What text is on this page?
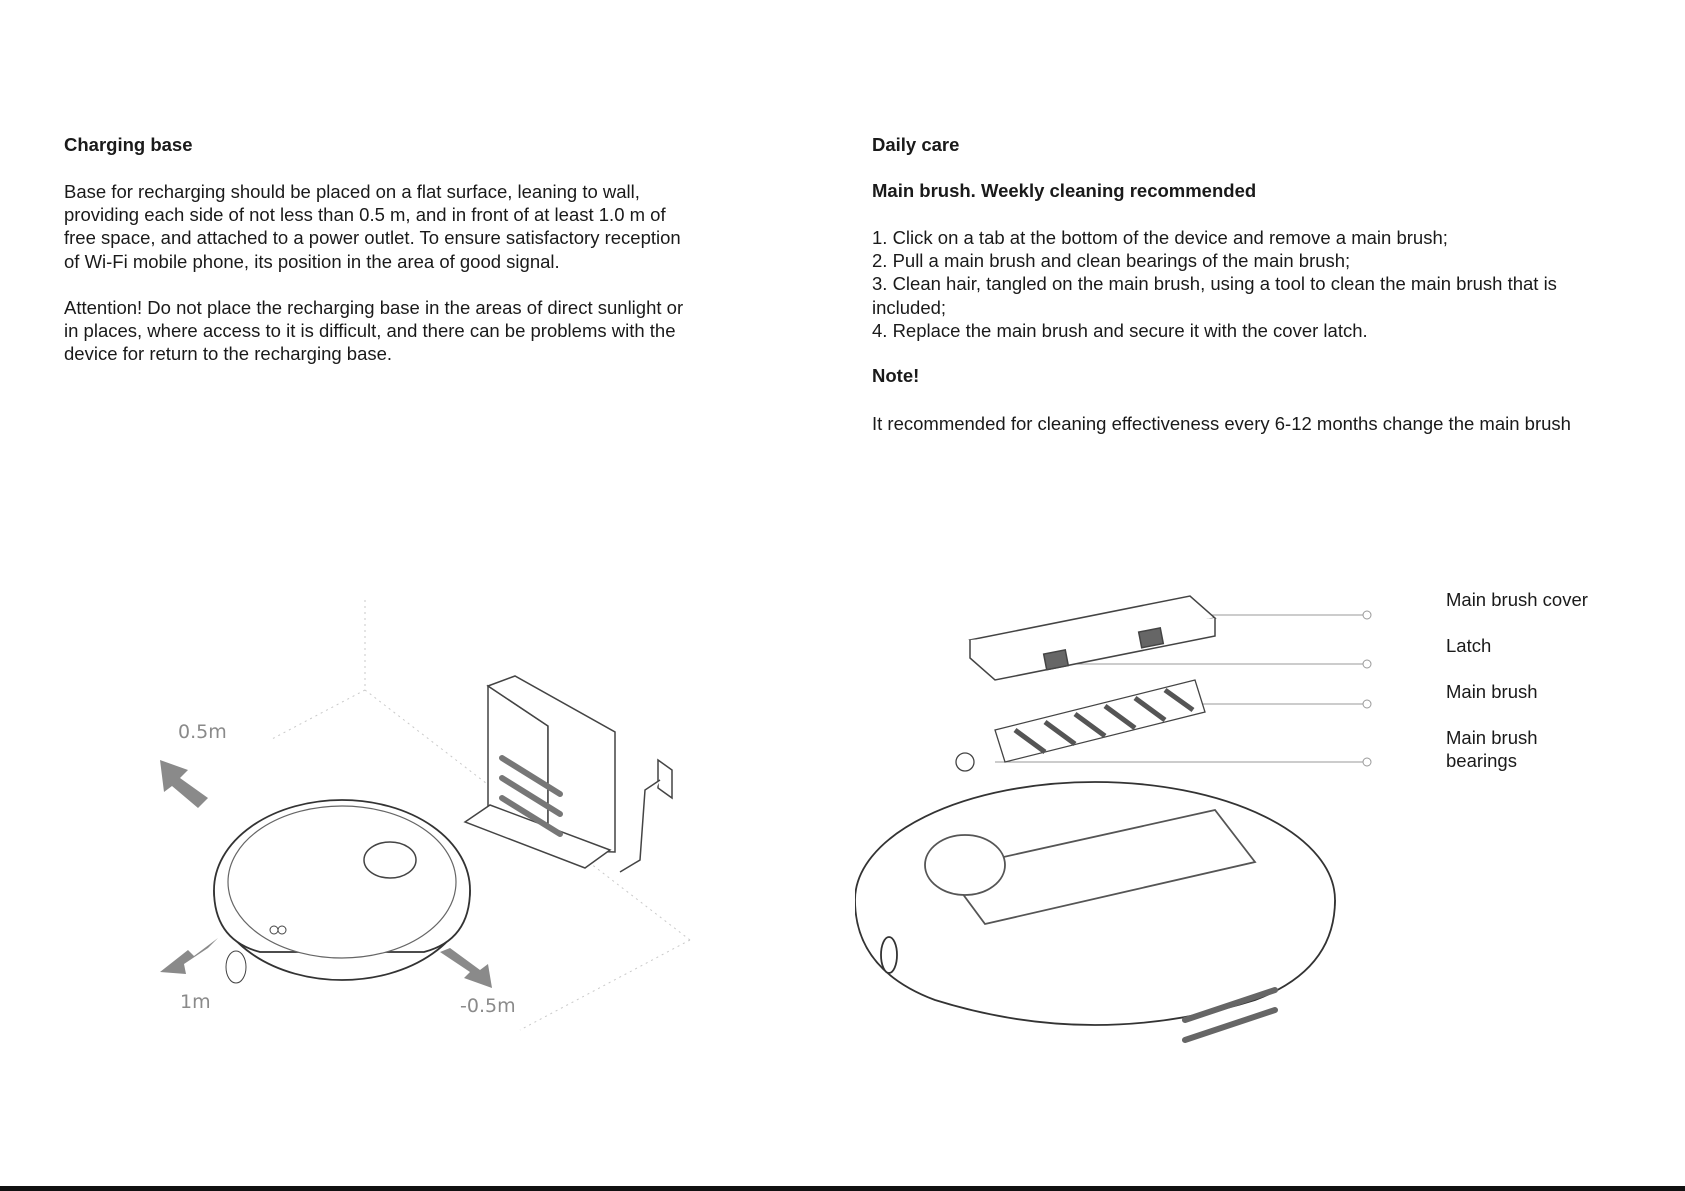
Charging base
Base for recharging should be placed on a flat surface, leaning to wall,
providing each side of not less than 0.5 m, and in front of at least 1.0 m of
free space, and attached to a power outlet. To ensure satisfactory reception
of Wi-Fi mobile phone, its position in the area of good signal.
Attention! Do not place the recharging base in the areas of direct sunlight or
in places, where access to it is difficult, and there can be problems with the
device for return to the recharging base.
0.5m
1m	-0.5m
Daily care
Main brush. Weekly cleaning recommended
1. Click on a tab at the bottom of the device and remove a main brush;
2. Pull a main brush and clean bearings of the main brush;
3. Clean hair, tangled on the main brush, using a tool to clean the main brush that is
included;
4. Replace the main brush and secure it with the cover latch.
Note!
It recommended for cleaning effectiveness every 6-12 months change the main brush
Main brush cover
Latch
Main brush
Main brush
bearings
